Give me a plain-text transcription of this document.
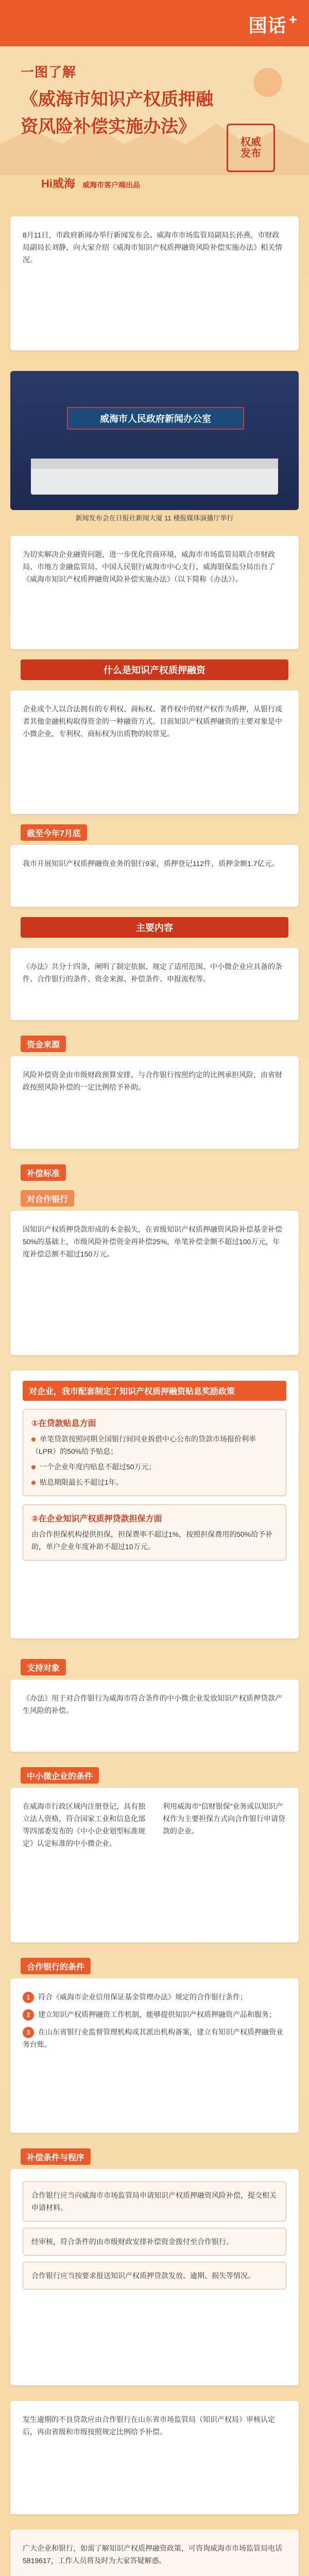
国话 +
一图了解
《威海市知识产权质押融
资风险补偿实施办法》
权威
发布
Hi威海 威海市客户端出品

8月11日，市政府新闻办举行新闻发布会。威海市市场监管局副局长孙燕，市财政局副局长刘静，向大家介绍《威海市知识产权质押融资风险补偿实施办法》相关情况。

威海市人民政府新闻办公室
新闻发布会在日报社新闻大厦 11 楼报媒体演播厅举行

为切实解决企业融资问题，进一步优化营商环境，威海市市场监管局联合市财政局、市地方金融监管局、中国人民银行威海市中心支行、威海银保监分局出台了《威海市知识产权质押融资风险补偿实施办法》（以下简称《办法》）。

什么是知识产权质押融资

企业或个人以合法拥有的专利权、商标权、著作权中的财产权作为质押，从银行或者其他金融机构取得资金的一种融资方式。目前知识产权质押融资的主要对象是中小微企业，专利权、商标权为出质物的较常见。

截至今年7月底

我市开展知识产权质押融资业务的银行9家，质押登记112件，质押金额1.7亿元。

主要内容

《办法》共分十四条，阐明了制定依据、规定了适用范围、中小微企业应具备的条件、合作银行的条件、资金来源、补偿条件、申报流程等。

资金来源

风险补偿资金由市级财政预算安排，与合作银行按照约定的比例承担风险，由省财政按照风险补偿的一定比例给予补助。

补偿标准
对合作银行

因知识产权质押贷款形成的本金损失，在省级知识产权质押融资风险补偿基金补偿50%的基础上，市级风险补偿资金再补偿25%，单笔补偿金额不超过100万元，年度补偿总额不超过150万元。

对企业，我市配套制定了知识产权质押融资贴息奖励政策
①在贷款贴息方面
单笔贷款按照同期全国银行间同业拆借中心公布的贷款市场报价利率（LPR）的50%给予贴息；
一个企业年度内贴息不超过50万元；
贴息期限最长不超过1年。
②在企业知识产权质押贷款担保方面

由合作担保机构提供担保，担保费率不超过1%，按照担保费用的50%给予补助，单户企业年度补助不超过10万元。

支持对象

《办法》用于对合作银行为威海市符合条件的中小微企业发放知识产权质押贷款产生风险的补偿。

中小微企业的条件

在威海市行政区域内注册登记，具有独立法人资格，符合国家工业和信息化部等四部委发布的《中小企业划型标准规定》认定标准的中小微企业。

利用威海市“信财银保”业务或以知识产权作为主要担保方式向合作银行申请贷款的企业。

合作银行的条件
1 符合《威海市企业信用保证基金管理办法》规定的合作银行条件；
2 建立知识产权质押融资工作机制，能够提供知识产权质押融资产品和服务；
3 在山东省银行业监督管理机构或其派出机构备案，建立有知识产权质押融资业务台账。
补偿条件与程序

合作银行应当向威海市市场监管局申请知识产权质押融资风险补偿，提交相关申请材料。

经审核，符合条件的由市级财政安排补偿资金拨付至合作银行。

合作银行应当按要求报送知识产权质押贷款发放、逾期、损失等情况。

发生逾期的不良贷款应由合作银行在山东省市场监管局（知识产权局）审核认定后，再由省级和市级按照规定比例给予补偿。

广大企业和银行，如需了解知识产权质押融资政策，可咨询威海市市场监管局电话5819617，工作人员将及时为大家答疑解惑。
